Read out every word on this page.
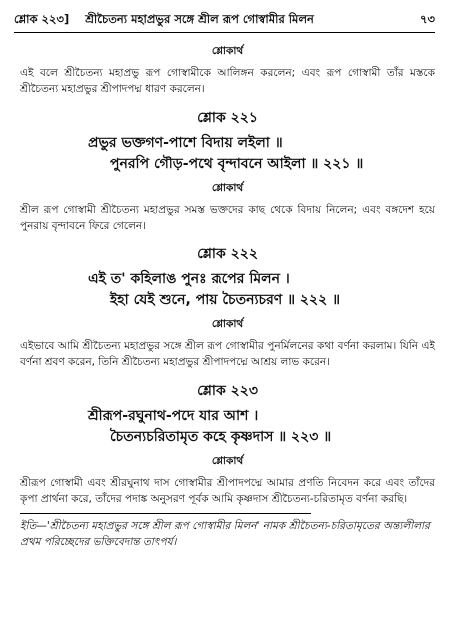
শ্লোক ২২৩] শ্রীচৈতন্য মহাপ্রভুর সঙ্গে শ্রীল রূপ গোস্বামীর মিলন	৭৩
শ্লোকার্থ
এই বলে শ্রীচৈতন্য মহাপ্রভু রূপ গোস্বামীকে আলিঙ্গন করলেন; এবং রূপ গোস্বামী তাঁর মস্তকে শ্রীচৈতন্য মহাপ্রভুর শ্রীপাদপদ্ম ধারণ করলেন।
শ্লোক ২২১
প্রভুর ভক্তগণ-পাশে বিদায় লইলা ॥
পুনরপি গৌড়-পথে বৃন্দাবনে আইলা ॥ ২২১ ॥
শ্লোকার্থ
শ্রীল রূপ গোস্বামী শ্রীচৈতন্য মহাপ্রভুর সমস্ত ভক্তদের কাছ থেকে বিদায় নিলেন; এবং বঙ্গদেশ হয়ে পুনরায় বৃন্দাবনে ফিরে গেলেন।
শ্লোক ২২২
এই ত' কহিলাঙ পুনঃ রূপের মিলন ।
ইহা যেই শুনে, পায় চৈতন্যচরণ ॥ ২২২ ॥
শ্লোকার্থ
এইভাবে আমি শ্রীচৈতন্য মহাপ্রভুর সঙ্গে শ্রীল রূপ গোস্বামীর পুনর্মিলনের কথা বর্ণনা করলাম। যিনি এই বর্ণনা শ্রবণ করেন, তিনি শ্রীচৈতন্য মহাপ্রভুর শ্রীপাদপদ্মে আশ্রয় লাভ করেন।
শ্লোক ২২৩
শ্রীরূপ-রঘুনাথ-পদে যার আশ ।
চৈতন্যচরিতামৃত কহে কৃষ্ণদাস ॥ ২২৩ ॥
শ্লোকার্থ
শ্রীরূপ গোস্বামী এবং শ্রীরঘুনাথ দাস গোস্বামীর শ্রীপাদপদ্মে আমার প্রণতি নিবেদন করে এবং তাঁদের কৃপা প্রার্থনা করে, তাঁদের পদাঙ্ক অনুসরণ পূর্বক আমি কৃষ্ণদাস শ্রীচৈতন্য-চরিতামৃত বর্ণনা করছি।
ইতি—'শ্রীচৈতন্য মহাপ্রভুর সঙ্গে শ্রীল রূপ গোস্বামীর মিলন' নামক শ্রীচৈতন্য-চরিতামৃতের অন্ত্যলীলার প্রথম পরিচ্ছেদের ভক্তিবেদান্ত তাৎপর্য।
